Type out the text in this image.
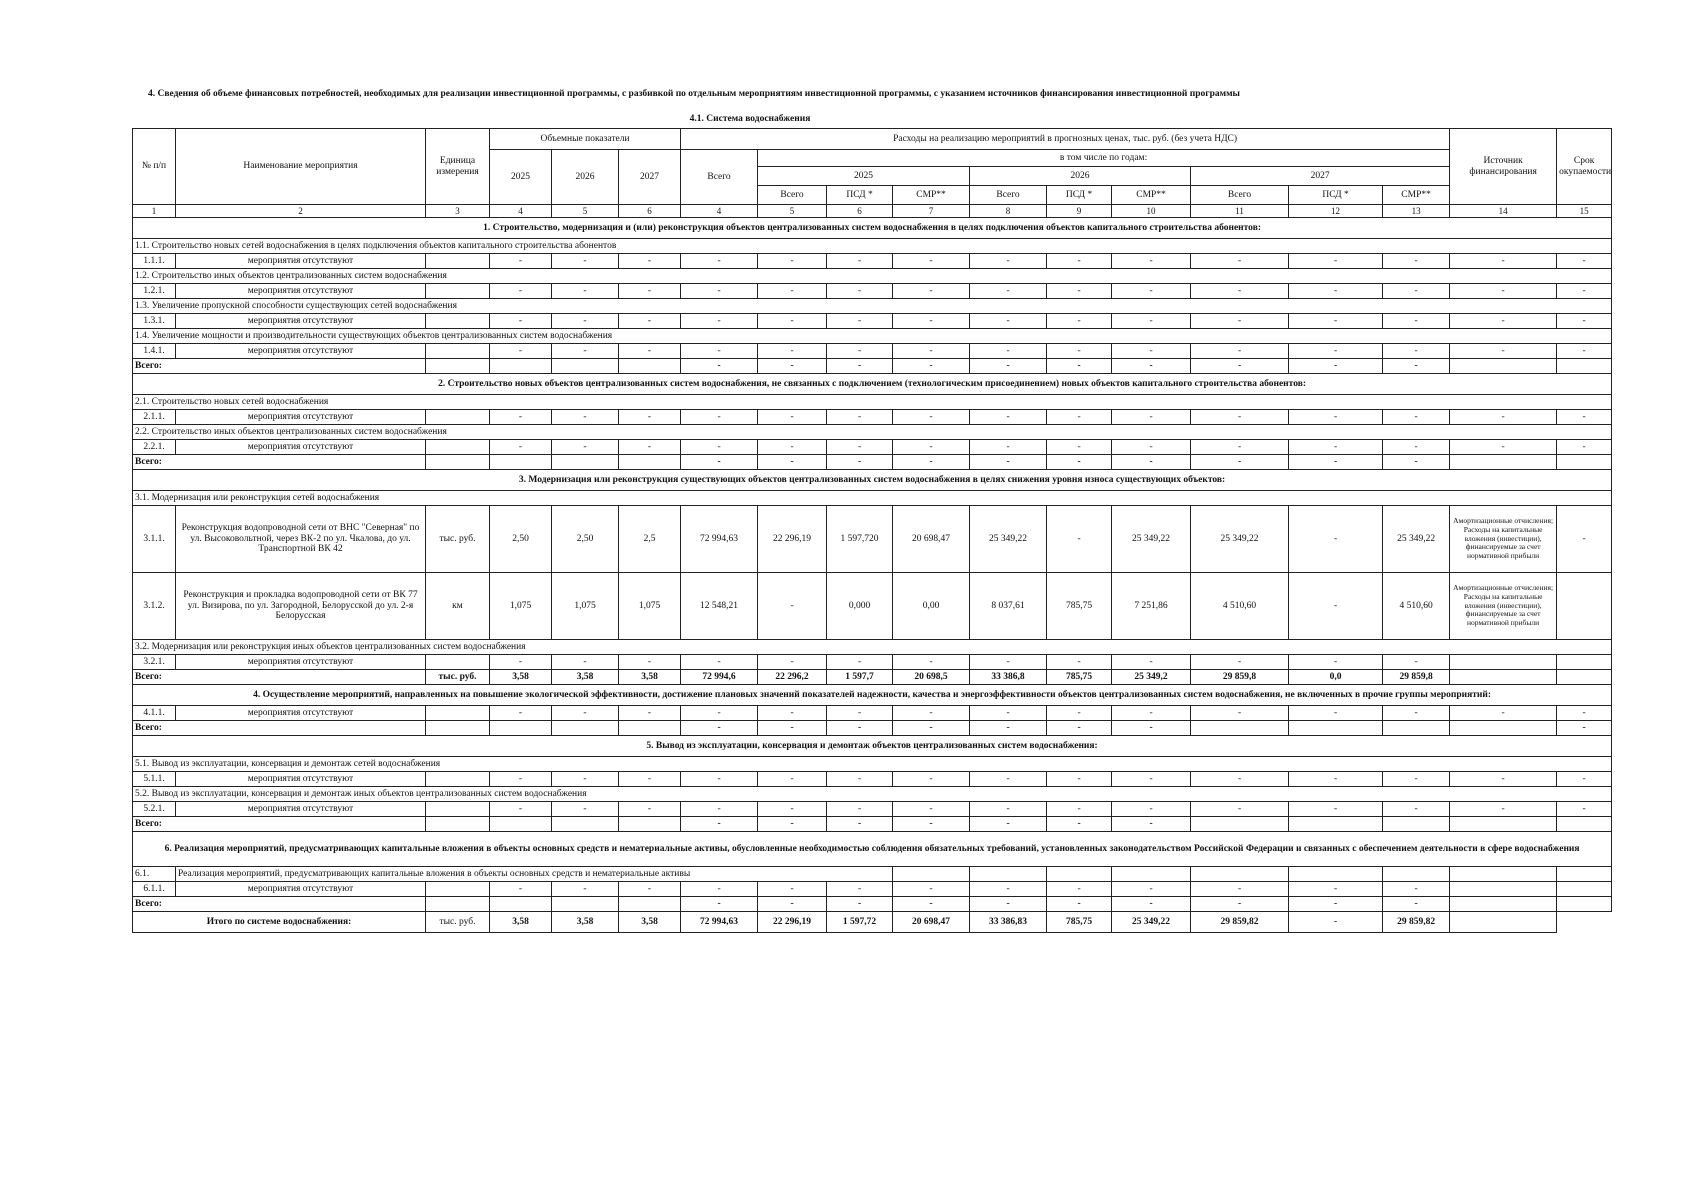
4. Сведения об объеме финансовых потребностей, необходимых для реализации инвестиционной программы, с разбивкой по отдельным мероприятиям инвестиционной программы, с указанием источников финансирования инвестиционной программы
4.1. Система водоснабжения
№ п/п	Наименование мероприятия	Единица измерения	Объемные показатели			Расходы на реализацию мероприятий в прогнозных ценах, тыс. руб. (без учета НДС)										Источник финансирования	Срок окупаемости
			2025	2026	2027	Всего	в том числе по годам:										
							2025			2026			2027				
							Всего	ПСД *	СМР**	Всего	ПСД *	СМР**	Всего	ПСД *	СМР**		
1	2	3	4	5	6	4	5	6	7	8	9	10	11	12	13	14	15
1. Строительство, модернизация и (или) реконструкция объектов централизованных систем водоснабжения в целях подключения объектов капитального строительства абонентов:																	
1.1. Строительство новых сетей водоснабжения в целях подключения объектов капитального строительства абонентов																	
1.1.1.	мероприятия отсутствуют		-	-	-	-	-	-	-	-	-	-	-	-	-	-	-
1.2. Строительство иных объектов централизованных систем водоснабжения																	
1.2.1.	мероприятия отсутствуют		-	-	-	-	-	-	-	-	-	-	-	-	-	-	-
1.3. Увеличение пропускной способности существующих сетей водоснабжения																	
1.3.1.	мероприятия отсутствуют		-	-	-	-	-	-	-	-	-	-	-	-	-	-	-
1.4. Увеличение мощности и производительности существующих объектов централизованных систем водоснабжения																	
1.4.1.	мероприятия отсутствуют		-	-	-	-	-	-	-	-	-	-	-	-	-	-	-
Всего:						-	-	-	-	-	-	-	-	-	-		
2. Строительство новых объектов централизованных систем водоснабжения, не связанных с подключением (технологическим присоединением) новых объектов капитального строительства абонентов:																	
2.1. Строительство новых сетей водоснабжения																	
2.1.1.	мероприятия отсутствуют		-	-	-	-	-	-	-	-	-	-	-	-	-	-	-
2.2. Строительство иных объектов централизованных систем водоснабжения																	
2.2.1.	мероприятия отсутствуют		-	-	-	-	-	-	-	-	-	-	-	-	-	-	-
Всего:						-	-	-	-	-	-	-	-	-	-		
3. Модернизация или реконструкция существующих объектов централизованных систем водоснабжения в целях снижения уровня износа существующих объектов:																	
3.1. Модернизация или реконструкция сетей водоснабжения																	
3.1.1.	Реконструкция водопроводной сети от ВНС "Северная" по ул. Высоковольтной, через ВК-2 по ул. Чкалова, до ул. Транспортной ВК 42	тыс. руб.	2,50	2,50	2,5	72 994,63	22 296,19	1 597,720	20 698,47	25 349,22	-	25 349,22	25 349,22	-	25 349,22	Амортизационные отчисления; Расходы на капитальные вложения (инвестиции), финансируемые за счет нормативной прибыли	-
3.1.2.	Реконструкция и прокладка водопроводной сети от ВК 77 ул. Визирова, по ул. Загородной, Белорусской до ул. 2-я Белорусская	км	1,075	1,075	1,075	12 548,21	-	0,000	0,00	8 037,61	785,75	7 251,86	4 510,60	-	4 510,60	Амортизационные отчисления; Расходы на капитальные вложения (инвестиции), финансируемые за счет нормативной прибыли	
3.2. Модернизация или реконструкция иных объектов централизованных систем водоснабжения																	
3.2.1.	мероприятия отсутствуют		-	-	-	-	-	-	-	-	-	-	-	-	-		
Всего:		тыс. руб.	3,58	3,58	3,58	72 994,6	22 296,2	1 597,7	20 698,5	33 386,8	785,75	25 349,2	29 859,8	0,0	29 859,8		
4. Осуществление мероприятий, направленных на повышение экологической эффективности, достижение плановых значений показателей надежности, качества и энергоэффективности объектов централизованных систем водоснабжения, не включенных в прочие группы мероприятий:																	
4.1.1.	мероприятия отсутствуют		-	-	-	-	-	-	-	-	-	-	-	-	-	-	-
Всего:						-	-	-	-	-	-	-					-
5. Вывод из эксплуатации, консервация и демонтаж объектов централизованных систем водоснабжения:																	
5.1. Вывод из эксплуатации, консервация и демонтаж сетей водоснабжения																	
5.1.1.	мероприятия отсутствуют		-	-	-	-	-	-	-	-	-	-	-	-	-	-	-
5.2. Вывод из эксплуатации, консервация и демонтаж иных объектов централизованных систем водоснабжения																	
5.2.1.	мероприятия отсутствуют		-	-	-	-	-	-	-	-	-	-	-	-	-	-	-
Всего:						-	-	-	-	-	-	-					
6. Реализация мероприятий, предусматривающих капитальные вложения в объекты основных средств и нематериальные активы, обусловленные необходимостью соблюдения обязательных требований, установленных законодательством Российской Федерации и связанных с обеспечением деятельности в сфере водоснабжения																	
6.1.	Реализация мероприятий, предусматривающих капитальные вложения в объекты основных средств и нематериальные активы																
6.1.1.	мероприятия отсутствуют		-	-	-	-	-	-	-	-	-	-	-	-	-		
Всего:						-	-	-	-	-	-	-	-	-	-		
Итого по системе водоснабжения:		тыс. руб.	3,58	3,58	3,58	72 994,63	22 296,19	1 597,72	20 698,47	33 386,83	785,75	25 349,22	29 859,82	-	29 859,82		
